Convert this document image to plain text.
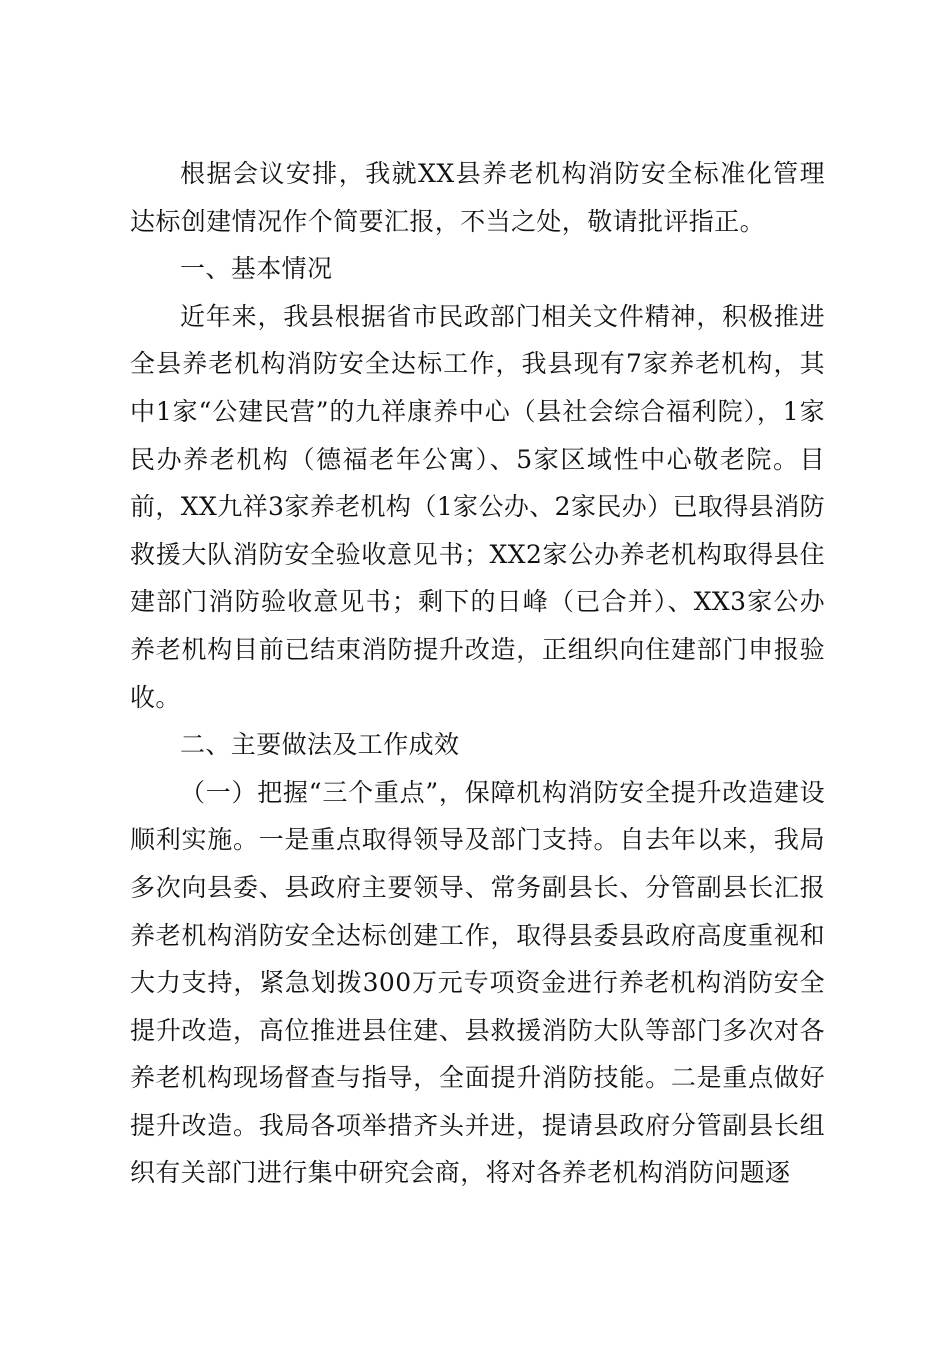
根据会议安排，我就XX县养老机构消防安全标准化管理达标创建情况作个简要汇报，不当之处，敬请批评指正。

一、基本情况

近年来，我县根据省市民政部门相关文件精神，积极推进全县养老机构消防安全达标工作，我县现有7家养老机构，其中1家“公建民营”的九祥康养中心（县社会综合福利院），1家民办养老机构（德福老年公寓）、5家区域性中心敬老院。目前，XX九祥3家养老机构（1家公办、2家民办）已取得县消防救援大队消防安全验收意见书；XX2家公办养老机构取得县住建部门消防验收意见书；剩下的日峰（已合并）、XX3家公办养老机构目前已结束消防提升改造，正组织向住建部门申报验收。

二、主要做法及工作成效

（一）把握“三个重点”，保障机构消防安全提升改造建设顺利实施。一是重点取得领导及部门支持。自去年以来，我局多次向县委、县政府主要领导、常务副县长、分管副县长汇报养老机构消防安全达标创建工作，取得县委县政府高度重视和大力支持，紧急划拨300万元专项资金进行养老机构消防安全提升改造，高位推进县住建、县救援消防大队等部门多次对各养老机构现场督查与指导，全面提升消防技能。二是重点做好提升改造。我局各项举措齐头并进，提请县政府分管副县长组织有关部门进行集中研究会商，将对各养老机构消防问题逐
